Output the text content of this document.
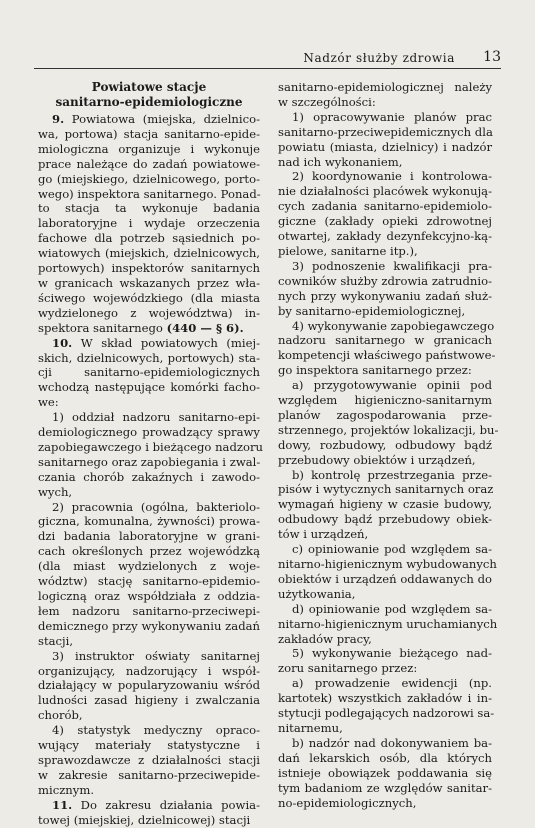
Nadzór służby zdrowia 13
Powiatowe stacje
sanitarno-epidemiologiczne
9. Powiatowa (miejska, dzielnico-
wa, portowa) stacja sanitarno-epide-
miologiczna organizuje i wykonuje
prace należące do zadań powiatowe-
go (miejskiego, dzielnicowego, porto-
wego) inspektora sanitarnego. Ponad-
to stacja ta wykonuje badania
laboratoryjne i wydaje orzeczenia
fachowe dla potrzeb sąsiednich po-
wiatowych (miejskich, dzielnicowych,
portowych) inspektorów sanitarnych
w granicach wskazanych przez wła-
ściwego wojewódzkiego (dla miasta
wydzielonego z województwa) in-
spektora sanitarnego (440 — § 6).
10. W skład powiatowych (miej-
skich, dzielnicowych, portowych) sta-
cji sanitarno-epidemiologicznych
wchodzą następujące komórki facho-
we:
1) oddział nadzoru sanitarno-epi-
demiologicznego prowadzący sprawy
zapobiegawczego i bieżącego nadzoru
sanitarnego oraz zapobiegania i zwal-
czania chorób zakaźnych i zawodo-
wych,
2) pracownia (ogólna, bakteriolo-
giczna, komunalna, żywności) prowa-
dzi badania laboratoryjne w grani-
cach określonych przez wojewódzką
(dla miast wydzielonych z woje-
wództw) stację sanitarno-epidemio-
logiczną oraz współdziała z oddzia-
łem nadzoru sanitarno-przeciwepi-
demicznego przy wykonywaniu zadań
stacji,
3) instruktor oświaty sanitarnej
organizujący, nadzorujący i współ-
działający w popularyzowaniu wśród
ludności zasad higieny i zwalczania
chorób,
4) statystyk medyczny opraco-
wujący materiały statystyczne i
sprawozdawcze z działalności stacji
w zakresie sanitarno-przeciwepide-
micznym.
11. Do zakresu działania powia-
towej (miejskiej, dzielnicowej) stacji
sanitarno-epidemiologicznej należy
w szczególności:
1) opracowywanie planów prac
sanitarno-przeciwepidemicznych dla
powiatu (miasta, dzielnicy) i nadzór
nad ich wykonaniem,
2) koordynowanie i kontrolowa-
nie działalności placówek wykonują-
cych zadania sanitarno-epidemiolo-
giczne (zakłady opieki zdrowotnej
otwartej, zakłady dezynfekcyjno-ką-
pielowe, sanitarne itp.),
3) podnoszenie kwalifikacji pra-
cowników służby zdrowia zatrudnio-
nych przy wykonywaniu zadań służ-
by sanitarno-epidemiologicznej,
4) wykonywanie zapobiegawczego
nadzoru sanitarnego w granicach
kompetencji właściwego państwowe-
go inspektora sanitarnego przez:
a) przygotowywanie opinii pod
względem higieniczno-sanitarnym
planów zagospodarowania prze-
strzennego, projektów lokalizacji, bu-
dowy, rozbudowy, odbudowy bądź
przebudowy obiektów i urządzeń,
b) kontrolę przestrzegania prze-
pisów i wytycznych sanitarnych oraz
wymagań higieny w czasie budowy,
odbudowy bądź przebudowy obiek-
tów i urządzeń,
c) opiniowanie pod względem sa-
nitarno-higienicznym wybudowanych
obiektów i urządzeń oddawanych do
użytkowania,
d) opiniowanie pod względem sa-
nitarno-higienicznym uruchamianych
zakładów pracy,
5) wykonywanie bieżącego nad-
zoru sanitarnego przez:
a) prowadzenie ewidencji (np.
kartotek) wszystkich zakładów i in-
stytucji podlegających nadzorowi sa-
nitarnemu,
b) nadzór nad dokonywaniem ba-
dań lekarskich osób, dla których
istnieje obowiązek poddawania się
tym badaniom ze względów sanitar-
no-epidemiologicznych,
